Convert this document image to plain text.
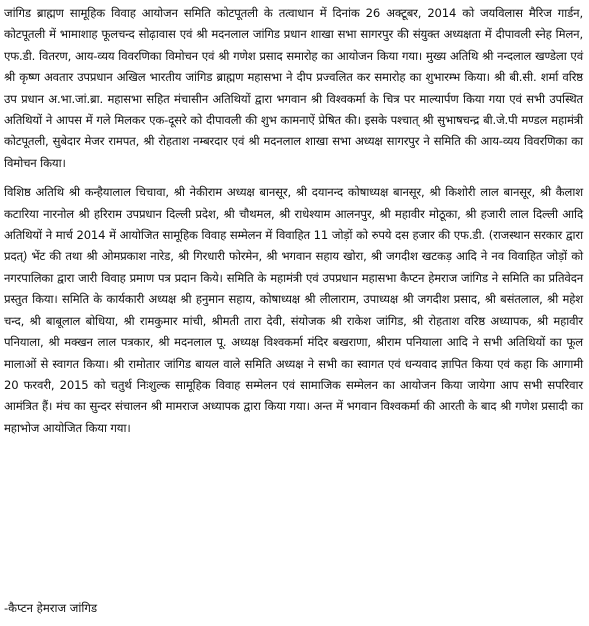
जांगिड ब्राह्मण सामूहिक विवाह आयोजन समिति कोटपूतली के तत्वाधान में दिनांक 26 अक्टूबर, 2014 को जयविलास मैरिज गार्डन, कोटपूतली में भामाशाह फूलचन्द सोढ़ावास एवं श्री मदनलाल जांगिड प्रधान शाखा सभा सागरपुर की संयुक्त अध्यक्षता में दीपावली स्नेह मिलन, एफ.डी. वितरण, आय-व्यय विवरणिका विमोचन एवं श्री गणेश प्रसाद समारोह का आयोजन किया गया। मुख्य अतिथि श्री नन्दलाल खण्डेला एवं श्री कृष्ण अवतार उपप्रधान अखिल भारतीय जांगिड ब्राह्मण महासभा ने दीप प्रज्वलित कर समारोह का शुभारम्भ किया। श्री बी.सी. शर्मा वरिष्ठ उप प्रधान अ.भा.जां.ब्रा. महासभा सहित मंचासीन अतिथियों द्वारा भगवान श्री विश्वकर्मा के चित्र पर माल्यार्पण किया गया एवं सभी उपस्थित अतिथियों ने आपस में गले मिलकर एक-दूसरे को दीपावली की शुभ कामनाऐं प्रेषित की। इसके पश्चात् श्री सुभाषचन्द्र बी.जे.पी मण्डल महामंत्री कोटपूतली, सुबेदार मेजर रामपत, श्री रोहताश नम्बरदार एवं श्री मदनलाल शाखा सभा अध्यक्ष सागरपुर ने समिति की आय-व्यय विवरणिका का विमोचन किया।

विशिष्ठ अतिथि श्री कन्हैयालाल चिचावा, श्री नेकीराम अध्यक्ष बानसूर, श्री दयानन्द कोषाध्यक्ष बानसूर, श्री किशोरी लाल बानसूर, श्री कैलाश कटारिया नारनोल श्री हरिराम उपप्रधान दिल्ली प्रदेश, श्री चौथमल, श्री राधेश्याम आलनपुर, श्री महावीर मोठूका, श्री हजारी लाल दिल्ली आदि अतिथियों ने मार्च 2014 में आयोजित सामूहिक विवाह सम्मेलन में विवाहित 11 जोड़ों को रुपये दस हजार की एफ.डी. (राजस्थान सरकार द्वारा प्रदत्) भेंट की तथा श्री ओमप्रकाश नारेड, श्री गिरधारी फोरमेन, श्री भगवान सहाय खोरा, श्री जगदीश खटकड़ आदि ने नव विवाहित जोड़ों को नगरपालिका द्वारा जारी विवाह प्रमाण पत्र प्रदान किये। समिति के महामंत्री एवं उपप्रधान महासभा कैप्टन हेमराज जांगिड ने समिति का प्रतिवेदन प्रस्तुत किया। समिति के कार्यकारी अध्यक्ष श्री हनुमान सहाय, कोषाध्यक्ष श्री लीलाराम, उपाध्यक्ष श्री जगदीश प्रसाद, श्री बसंतलाल, श्री महेश चन्द, श्री बाबूलाल बोधिया, श्री रामकुमार मांची, श्रीमती तारा देवी, संयोजक श्री राकेश जांगिड, श्री रोहताश वरिष्ठ अध्यापक, श्री महावीर पनियाला, श्री मक्खन लाल पत्रकार, श्री मदनलाल पू. अध्यक्ष विश्वकर्मा मंदिर बखराणा, श्रीराम पनियाला आदि ने सभी अतिथियों का फूल मालाओं से स्वागत किया। श्री रामोतार जांगिड बायल वाले समिति अध्यक्ष ने सभी का स्वागत एवं धन्यवाद ज्ञापित किया एवं कहा कि आगामी 20 फरवरी, 2015 को चतुर्थ निःशुल्क सामूहिक विवाह सम्मेलन एवं सामाजिक सम्मेलन का आयोजन किया जायेगा आप सभी सपरिवार आमंत्रित हैं। मंच का सुन्दर संचालन श्री मामराज अध्यापक द्वारा किया गया। अन्त में भगवान विश्वकर्मा की आरती के बाद श्री गणेश प्रसादी का महाभोज आयोजित किया गया।

-कैप्टन हेमराज जांगिड
